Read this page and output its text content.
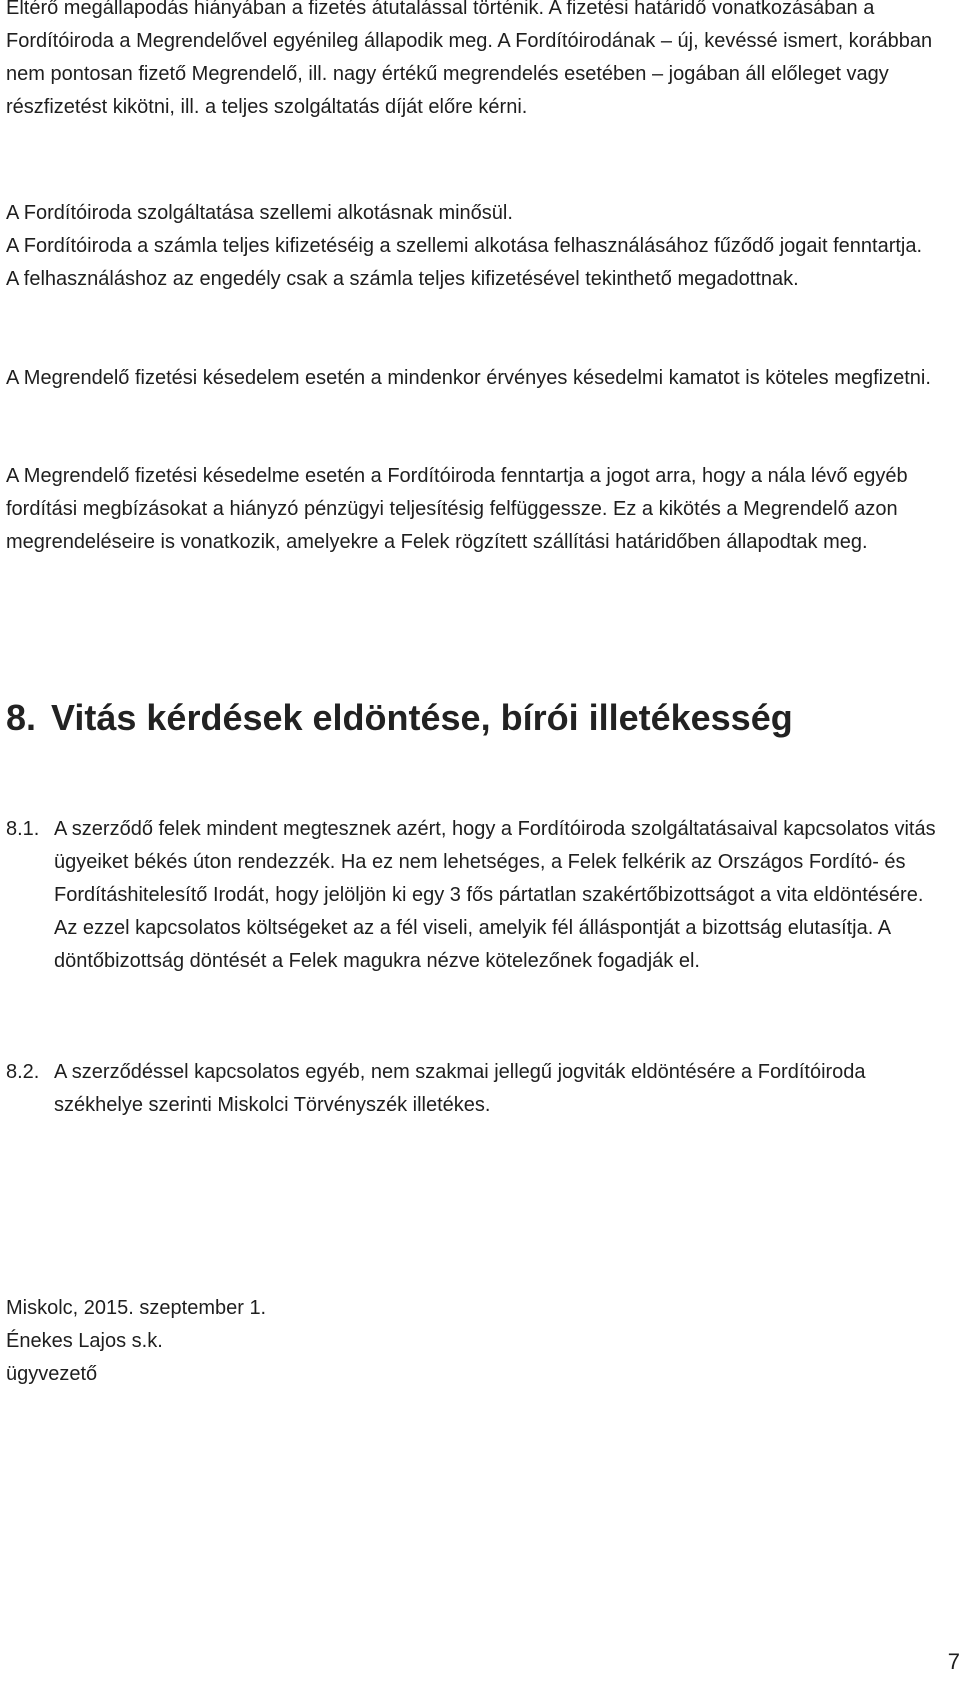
Eltérő megállapodás hiányában a fizetés átutalással történik. A fizetési határidő vonatkozásában a Fordítóiroda a Megrendelővel egyénileg állapodik meg. A Fordítóirodának – új, kevéssé ismert, korábban nem pontosan fizető Megrendelő, ill. nagy értékű megrendelés esetében – jogában áll előleget vagy részfizetést kikötni, ill. a teljes szolgáltatás díját előre kérni.

A Fordítóiroda szolgáltatása szellemi alkotásnak minősül.

A Fordítóiroda a számla teljes kifizetéséig a szellemi alkotása felhasználásához fűződő jogait fenntartja. A felhasználáshoz az engedély csak a számla teljes kifizetésével tekinthető megadottnak.

A Megrendelő fizetési késedelem esetén a mindenkor érvényes késedelmi kamatot is köteles megfizetni.

A Megrendelő fizetési késedelme esetén a Fordítóiroda fenntartja a jogot arra, hogy a nála lévő egyéb fordítási megbízásokat a hiányzó pénzügyi teljesítésig felfüggessze. Ez a kikötés a Megrendelő azon megrendeléseire is vonatkozik, amelyekre a Felek rögzített szállítási határidőben állapodtak meg.

8. Vitás kérdések eldöntése, bírói illetékesség
8.1. A szerződő felek mindent megtesznek azért, hogy a Fordítóiroda szolgáltatásaival kapcsolatos vitás ügyeiket békés úton rendezzék. Ha ez nem lehetséges, a Felek felkérik az Országos Fordító- és Fordításhitelesítő Irodát, hogy jelöljön ki egy 3 fős pártatlan szakértőbizottságot a vita eldöntésére. Az ezzel kapcsolatos költségeket az a fél viseli, amelyik fél álláspontját a bizottság elutasítja. A döntőbizottság döntését a Felek magukra nézve kötelezőnek fogadják el.
8.2. A szerződéssel kapcsolatos egyéb, nem szakmai jellegű jogviták eldöntésére a Fordítóiroda székhelye szerinti Miskolci Törvényszék illetékes.

Miskolc, 2015. szeptember 1.

Énekes Lajos s.k.

ügyvezető

7
